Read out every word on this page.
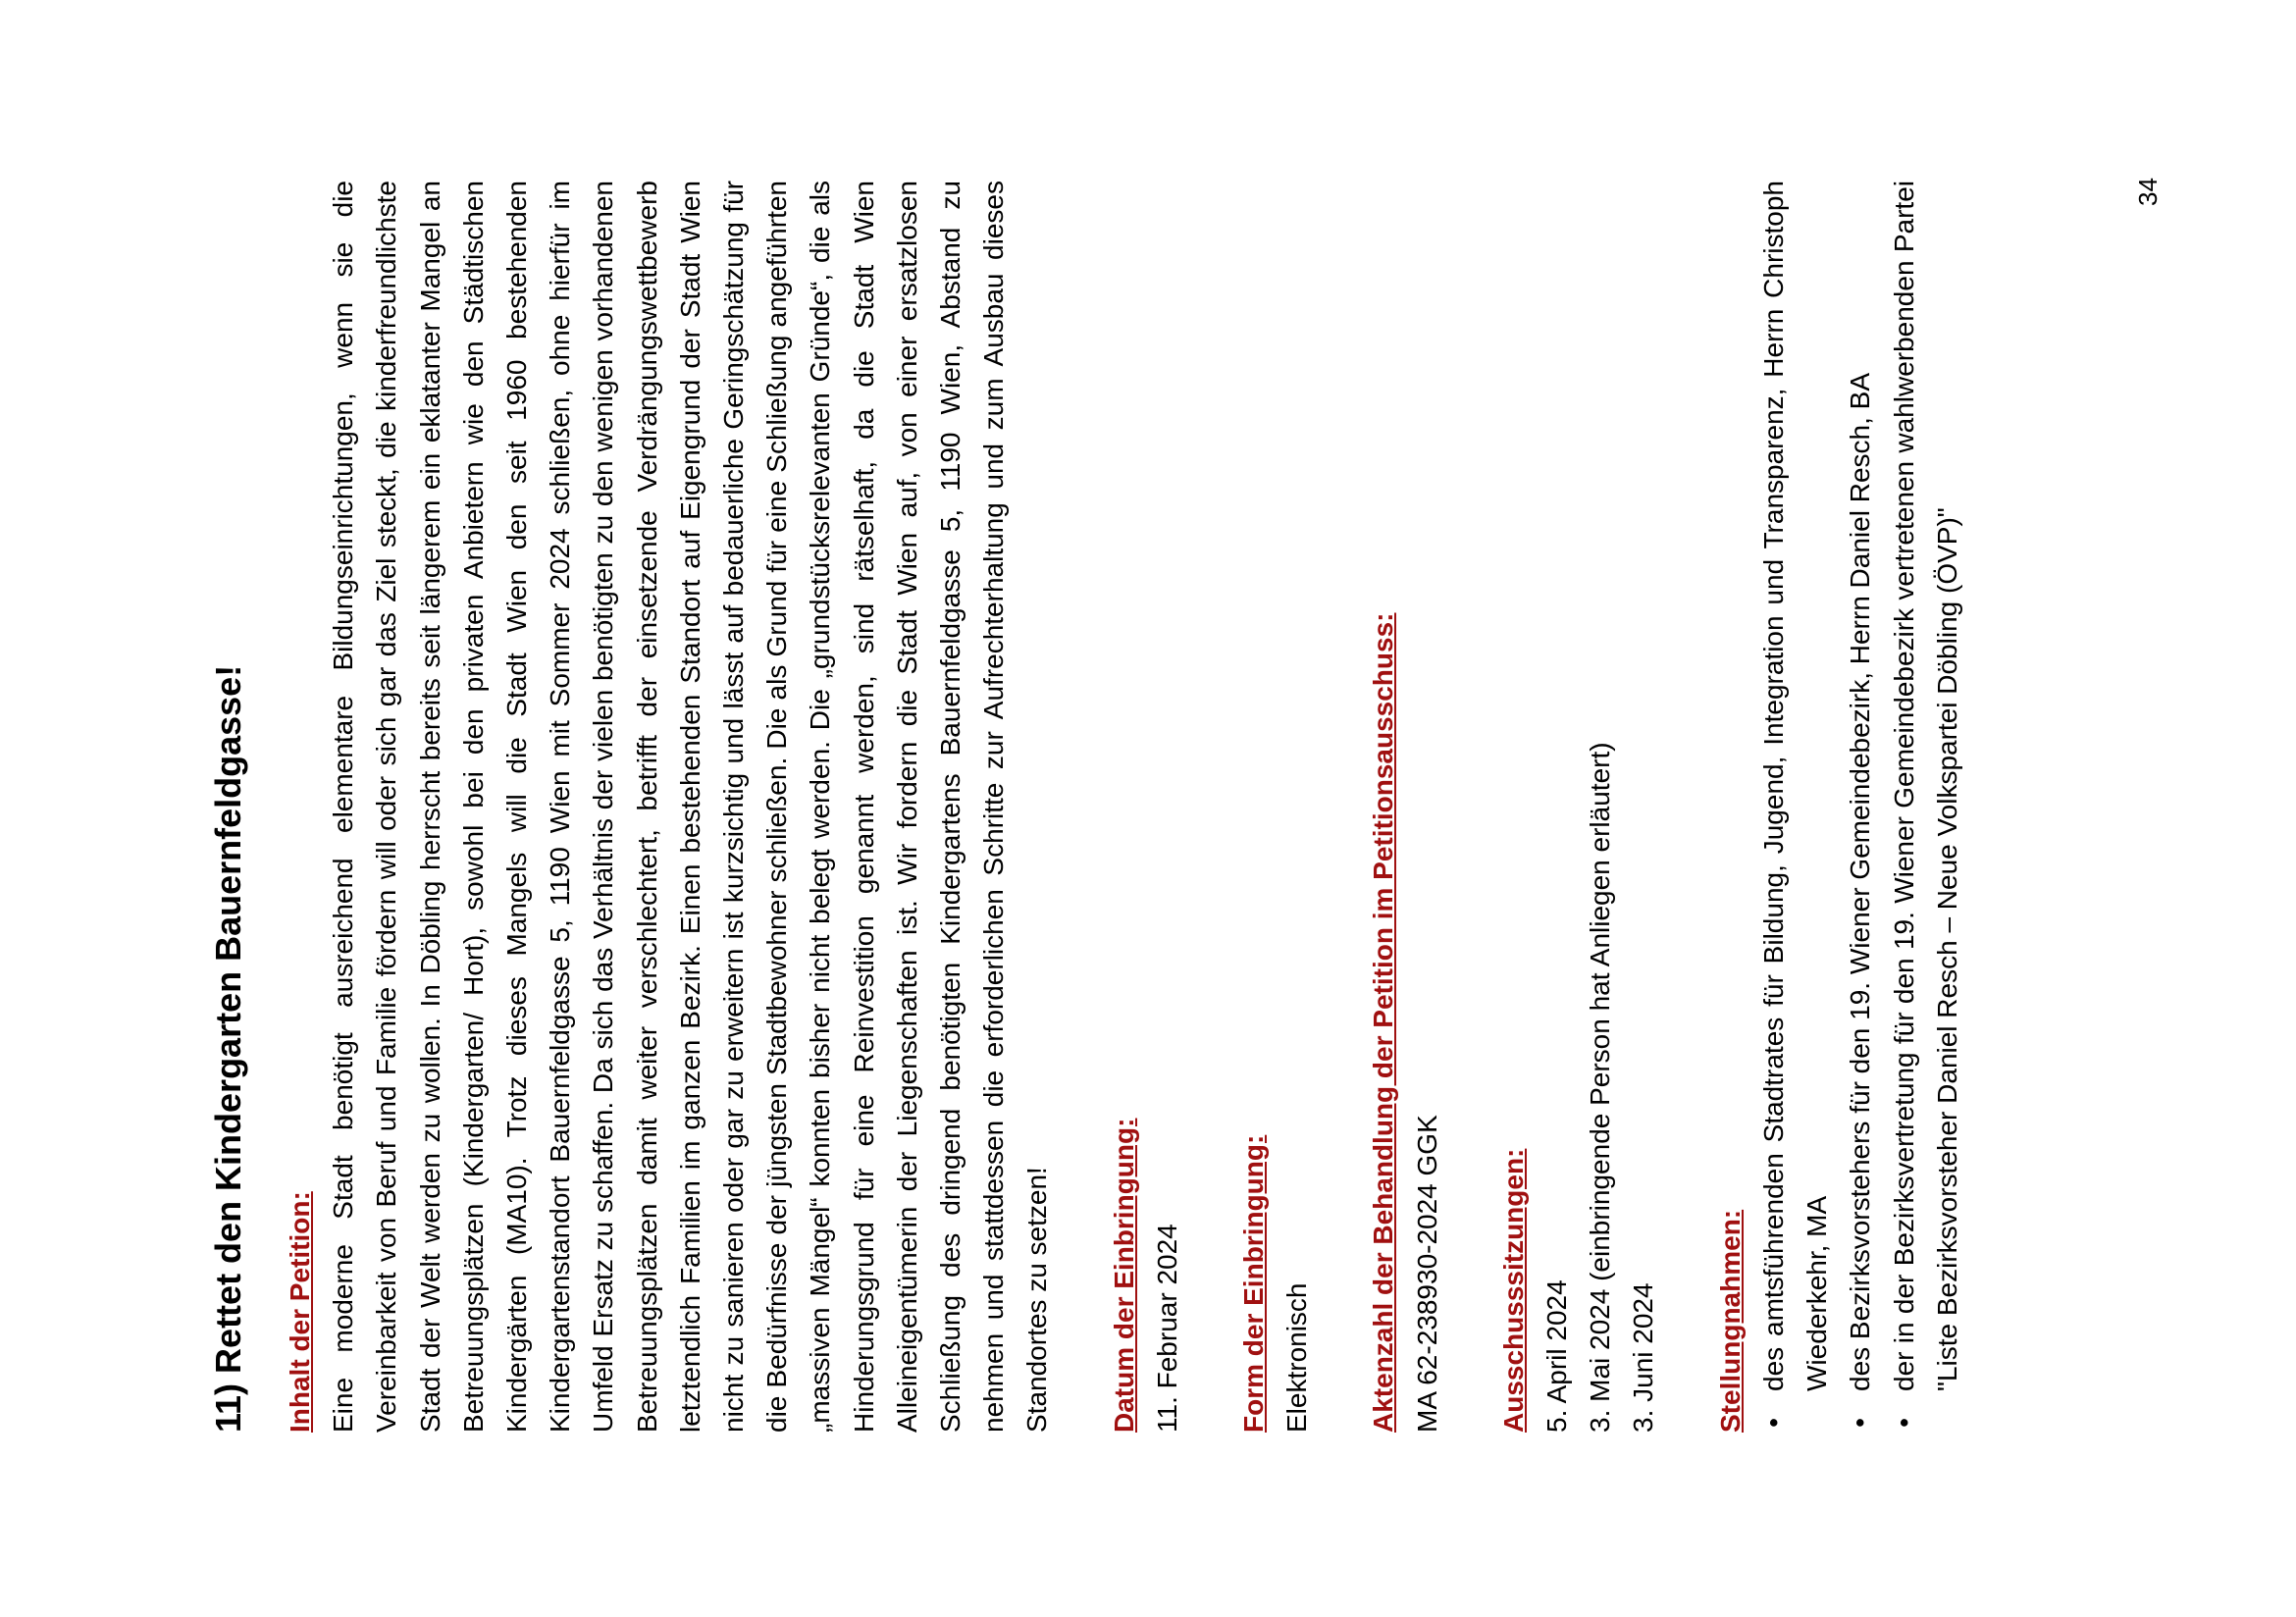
11) Rettet den Kindergarten Bauernfeldgasse! Inhalt der Petition: Eine moderne Stadt benötigt ausreichend elementare Bildungseinrichtungen, wenn sie die Vereinbarkeit von Beruf und Familie fördern will oder sich gar das Ziel steckt, die kinderfreundlichste Stadt der Welt werden zu wollen. In Döbling herrscht bereits seit längerem ein eklatanter Mangel an Betreuungsplätzen (Kindergarten/ Hort), sowohl bei den privaten Anbietern wie den Städtischen Kindergärten (MA10). Trotz dieses Mangels will die Stadt Wien den seit 1960 bestehenden Kindergartenstandort Bauernfeldgasse 5, 1190 Wien mit Sommer 2024 schließen, ohne hierfür im Umfeld Ersatz zu schaffen. Da sich das Verhältnis der vielen benötigten zu den wenigen vorhandenen Betreuungsplätzen damit weiter verschlechtert, betrifft der einsetzende Verdrängungswettbewerb letztendlich Familien im ganzen Bezirk. Einen bestehenden Standort auf Eigengrund der Stadt Wien nicht zu sanieren oder gar zu erweitern ist kurzsichtig und lässt auf bedauerliche Geringschätzung für die Bedürfnisse der jüngsten Stadtbewohner schließen. Die als Grund für eine Schließung angeführten „massiven Mängel“ konnten bisher nicht belegt werden. Die „grundstücksrelevanten Gründe“, die als Hinderungsgrund für eine Reinvestition genannt werden, sind rätselhaft, da die Stadt Wien Alleineigentümerin der Liegenschaften ist. Wir fordern die Stadt Wien auf, von einer ersatzlosen Schließung des dringend benötigten Kindergartens Bauernfeldgasse 5, 1190 Wien, Abstand zu nehmen und stattdessen die erforderlichen Schritte zur Aufrechterhaltung und zum Ausbau dieses Standortes zu setzen! Datum der Einbringung: 11. Februar 2024 Form der Einbringung: Elektronisch Aktenzahl der Behandlung der Petition im Petitionsausschuss: MA 62-238930-2024 GGK Ausschusssitzungen: 5. April 2024 3. Mai 2024 (einbringende Person hat Anliegen erläutert) 3. Juni 2024 Stellungnahmen: •
des amtsführenden Stadtrates für Bildung, Jugend, Integration und Transparenz, Herrn Christoph Wiederkehr, MA
•
des Bezirksvorstehers für den 19. Wiener Gemeindebezirk, Herrn Daniel Resch, BA
•
der in der Bezirksvertretung für den 19. Wiener Gemeindebezirk vertretenen wahlwerbenden Partei "Liste Bezirksvorsteher Daniel Resch – Neue Volkspartei Döbling (ÖVP)"
34
